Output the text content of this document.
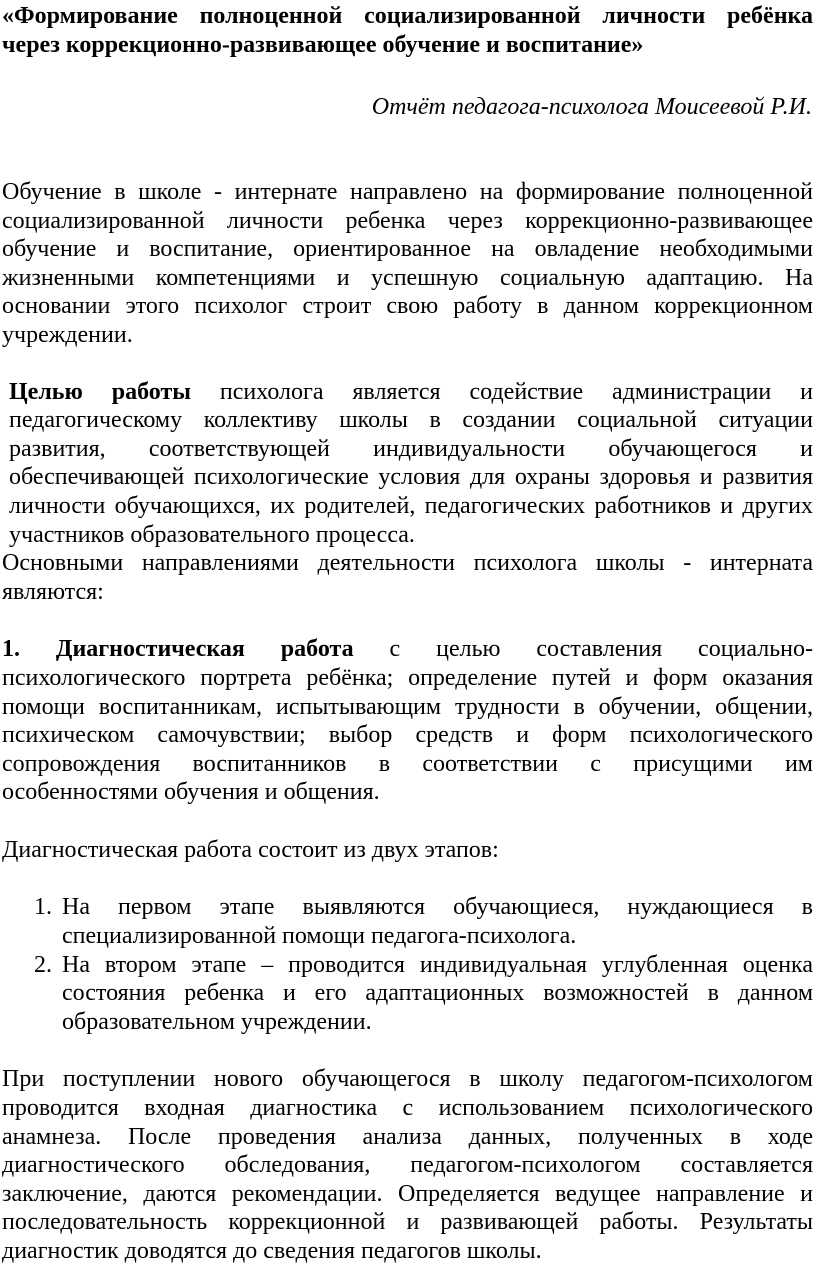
«Формирование полноценной социализированной личности ребёнка через коррекционно-развивающее обучение и воспитание»
Отчёт педагога-психолога Моисеевой Р.И.

Обучение в школе - интернате направлено на формирование полноценной социализированной личности ребенка через коррекционно-развивающее обучение и воспитание, ориентированное на овладение необходимыми жизненными компетенциями и успешную социальную адаптацию. На основании этого психолог строит свою работу в данном коррекционном учреждении.

Целью работы психолога является содействие администрации и педагогическому коллективу школы в создании социальной ситуации развития, соответствующей индивидуальности обучающегося и обеспечивающей психологические условия для охраны здоровья и развития личности обучающихся, их родителей, педагогических работников и других участников образовательного процесса.

Основными направлениями деятельности психолога школы - интерната являются:

1. Диагностическая работа с целью составления социально-психологического портрета ребёнка; определение путей и форм оказания помощи воспитанникам, испытывающим трудности в обучении, общении, психическом самочувствии; выбор средств и форм психологического сопровождения воспитанников в соответствии с присущими им особенностями обучения и общения.

Диагностическая работа состоит из двух этапов:

1. На первом этапе выявляются обучающиеся, нуждающиеся в специализированной помощи педагога-психолога.
2. На втором этапе – проводится индивидуальная углубленная оценка состояния ребенка и его адаптационных возможностей в данном образовательном учреждении.

При поступлении нового обучающегося в школу педагогом-психологом проводится входная диагностика с использованием психологического анамнеза. После проведения анализа данных, полученных в ходе диагностического обследования, педагогом-психологом составляется заключение, даются рекомендации. Определяется ведущее направление и последовательность коррекционной и развивающей работы. Результаты диагностик доводятся до сведения педагогов школы.
